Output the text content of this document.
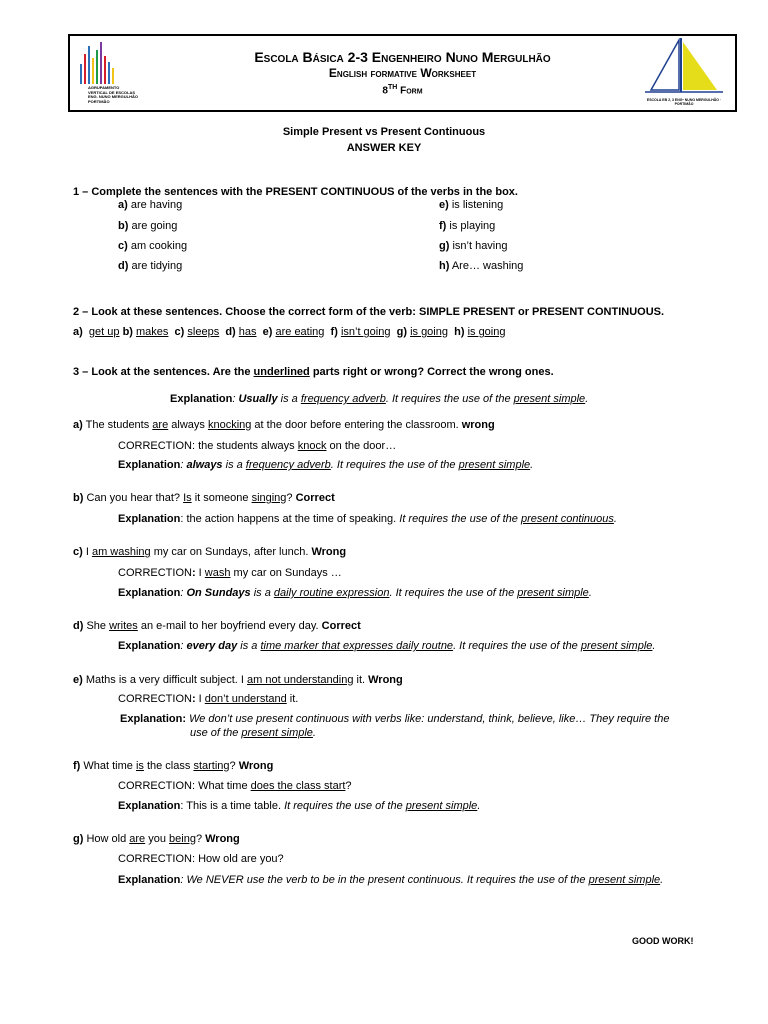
AGRUPAMENTO
VERTICAL DE ESCOLAS
ENG. NUNO MERGULHÃO
PORTIMÃO
Escola Básica 2-3 Engenheiro Nuno Mergulhão
English formative Worksheet
8TH Form
ESCOLA EB 2, 3 ENGº NUNO MERGULHÃO · PORTIMÃO
Simple Present vs Present Continuous
ANSWER KEY
1 – Complete the sentences with the PRESENT CONTINUOUS of the verbs in the box.
a) are having
b) are going
c) am cooking
d) are tidying
e) is listening
f) is playing
g) isn’t having
h) Are… washing
2 – Look at these sentences. Choose the correct form of the verb: SIMPLE PRESENT or PRESENT CONTINUOUS.
a) get up b) makes c) sleeps d) has e) are eating f) isn’t going g) is going h) is going
3 – Look at the sentences. Are the underlined parts right or wrong? Correct the wrong ones.
Explanation: Usually is a frequency adverb. It requires the use of the present simple.
a) The students are always knocking at the door before entering the classroom. wrong
CORRECTION: the students always knock on the door…
Explanation: always is a frequency adverb. It requires the use of the present simple.
b) Can you hear that? Is it someone singing? Correct
Explanation: the action happens at the time of speaking. It requires the use of the present continuous.
c) I am washing my car on Sundays, after lunch. Wrong
CORRECTION: I wash my car on Sundays …
Explanation: On Sundays is a daily routine expression. It requires the use of the present simple.
d) She writes an e-mail to her boyfriend every day. Correct
Explanation: every day is a time marker that expresses daily routne. It requires the use of the present simple.
e) Maths is a very difficult subject. I am not understanding it. Wrong
CORRECTION: I don’t understand it.
Explanation: We don’t use present continuous with verbs like: understand, think, believe, like… They require the
use of the present simple.
f) What time is the class starting? Wrong
CORRECTION: What time does the class start?
Explanation: This is a time table. It requires the use of the present simple.
g) How old are you being? Wrong
CORRECTION: How old are you?
Explanation: We NEVER use the verb to be in the present continuous. It requires the use of the present simple.
GOOD WORK!
